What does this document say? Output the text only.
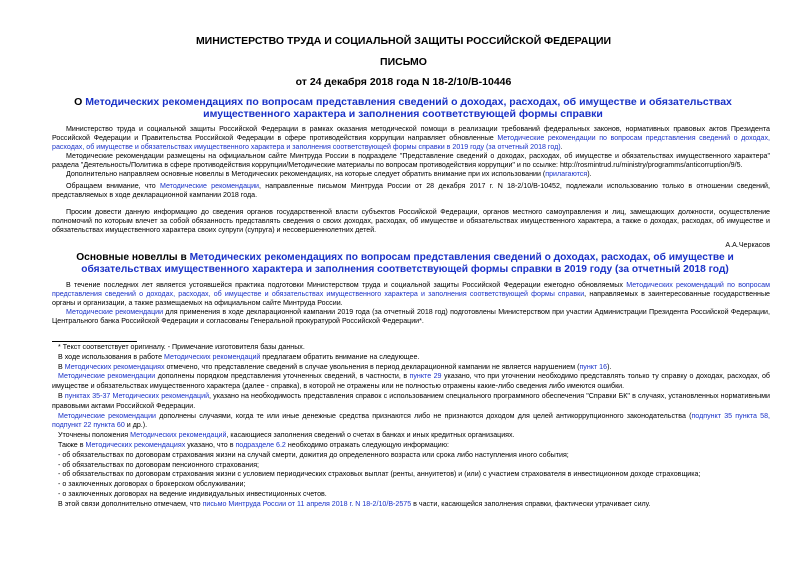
МИНИСТЕРСТВО ТРУДА И СОЦИАЛЬНОЙ ЗАЩИТЫ РОССИЙСКОЙ ФЕДЕРАЦИИ
ПИСЬМО
от 24 декабря 2018 года N 18-2/10/В-10446
О Методических рекомендациях по вопросам представления сведений о доходах, расходах, об имуществе и обязательствах имущественного характера и заполнения соответствующей формы справки
Министерство труда и социальной защиты Российской Федерации в рамках оказания методической помощи в реализации требований федеральных законов, нормативных правовых актов Президента Российской Федерации и Правительства Российской Федерации в сфере противодействия коррупции направляет обновленные Методические рекомендации по вопросам представления сведений о доходах, расходах, об имуществе и обязательствах имущественного характера и заполнения соответствующей формы справки в 2019 году (за отчетный 2018 год).
Методические рекомендации размещены на официальном сайте Минтруда России в подразделе "Представление сведений о доходах, расходах, об имуществе и обязательствах имущественного характера" раздела "Деятельность/Политика в сфере противодействия коррупции/Методические материалы по вопросам противодействия коррупции" и по ссылке: http://rosmintrud.ru/ministry/programms/anticorruption/9/5.
Дополнительно направляем основные новеллы в Методических рекомендациях, на которые следует обратить внимание при их использовании (прилагаются).
Обращаем внимание, что Методические рекомендации, направленные письмом Минтруда России от 28 декабря 2017 г. N 18-2/10/В-10452, подлежали использованию только в отношении сведений, представляемых в ходе декларационной кампании 2018 года.
Просим довести данную информацию до сведения органов государственной власти субъектов Российской Федерации, органов местного самоуправления и лиц, замещающих должности, осуществление полномочий по которым влечет за собой обязанность представлять сведения о своих доходах, расходах, об имуществе и обязательствах имущественного характера, а также о доходах, расходах, об имуществе и обязательствах имущественного характера своих супруги (супруга) и несовершеннолетних детей.
А.А.Черкасов
Основные новеллы в Методических рекомендациях по вопросам представления сведений о доходах, расходах, об имуществе и обязательствах имущественного характера и заполнения соответствующей формы справки в 2019 году (за отчетный 2018 год)
В течение последних лет является устоявшейся практика подготовки Министерством труда и социальной защиты Российской Федерации ежегодно обновляемых Методических рекомендаций по вопросам представления сведений о доходах, расходах, об имуществе и обязательствах имущественного характера и заполнения соответствующей формы справки, направляемых в заинтересованные государственные органы и организации, а также размещаемых на официальном сайте Минтруда России.
Методические рекомендации для применения в ходе декларационной кампании 2019 года (за отчетный 2018 год) подготовлены Министерством при участии Администрации Президента Российской Федерации, Центрального банка Российской Федерации и согласованы Генеральной прокуратурой Российской Федерации*.
* Текст соответствует оригиналу. - Примечание изготовителя базы данных.
В ходе использования в работе Методических рекомендаций предлагаем обратить внимание на следующее.
В Методических рекомендациях отмечено, что представление сведений в случае увольнения в период декларационной кампании не является нарушением (пункт 16).
Методические рекомендации дополнены порядком представления уточненных сведений, в частности, в пункте 29 указано, что при уточнении необходимо представлять только ту справку о доходах, расходах, об имуществе и обязательствах имущественного характера (далее - справка), в которой не отражены или не полностью отражены какие-либо сведения либо имеются ошибки.
В пунктах 35-37 Методических рекомендаций, указано на необходимость представления справок с использованием специального программного обеспечения "Справки БК" в случаях, установленных нормативными правовыми актами Российской Федерации.
Методические рекомендации дополнены случаями, когда те или иные денежные средства признаются либо не признаются доходом для целей антикоррупционного законодательства (подпункт 35 пункта 58, подпункт 22 пункта 60 и др.).
Уточнены положения Методических рекомендаций, касающиеся заполнения сведений о счетах в банках и иных кредитных организациях.
Также в Методических рекомендациях указано, что в подразделе 6.2 необходимо отражать следующую информацию:
- об обязательствах по договорам страхования жизни на случай смерти, дожития до определенного возраста или срока либо наступления иного события;
- об обязательствах по договорам пенсионного страхования;
- об обязательствах по договорам страхования жизни с условием периодических страховых выплат (ренты, аннуитетов) и (или) с участием страхователя в инвестиционном доходе страховщика;
- о заключенных договорах о брокерском обслуживании;
- о заключенных договорах на ведение индивидуальных инвестиционных счетов.
В этой связи дополнительно отмечаем, что письмо Минтруда России от 11 апреля 2018 г. N 18-2/10/В-2575 в части, касающейся заполнения справки, фактически утрачивает силу.
